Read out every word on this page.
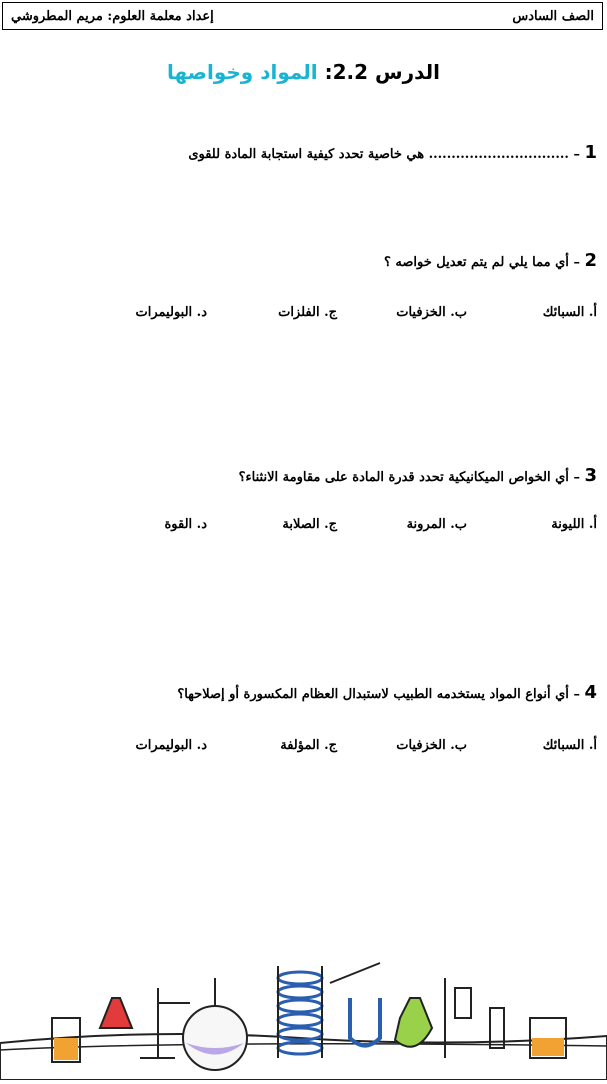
الصف السادس
إعداد معلمة العلوم: مريم المطروشي
الدرس 2.2: المواد وخواصها
1 – ............................... هي خاصية تحدد كيفية استجابة المادة للقوى
2 – أي مما يلي لم يتم تعديل خواصه ؟
أ. السبائك
ب. الخزفيات
ج. الفلزات
د. البوليمرات
3 – أي الخواص الميكانيكية تحدد قدرة المادة على مقاومة الانثناء؟
أ. الليونة
ب. المرونة
ج. الصلابة
د. القوة
4 – أي أنواع المواد يستخدمه الطبيب لاستبدال العظام المكسورة أو إصلاحها؟
أ. السبائك
ب. الخزفيات
ج. المؤلفة
د. البوليمرات
